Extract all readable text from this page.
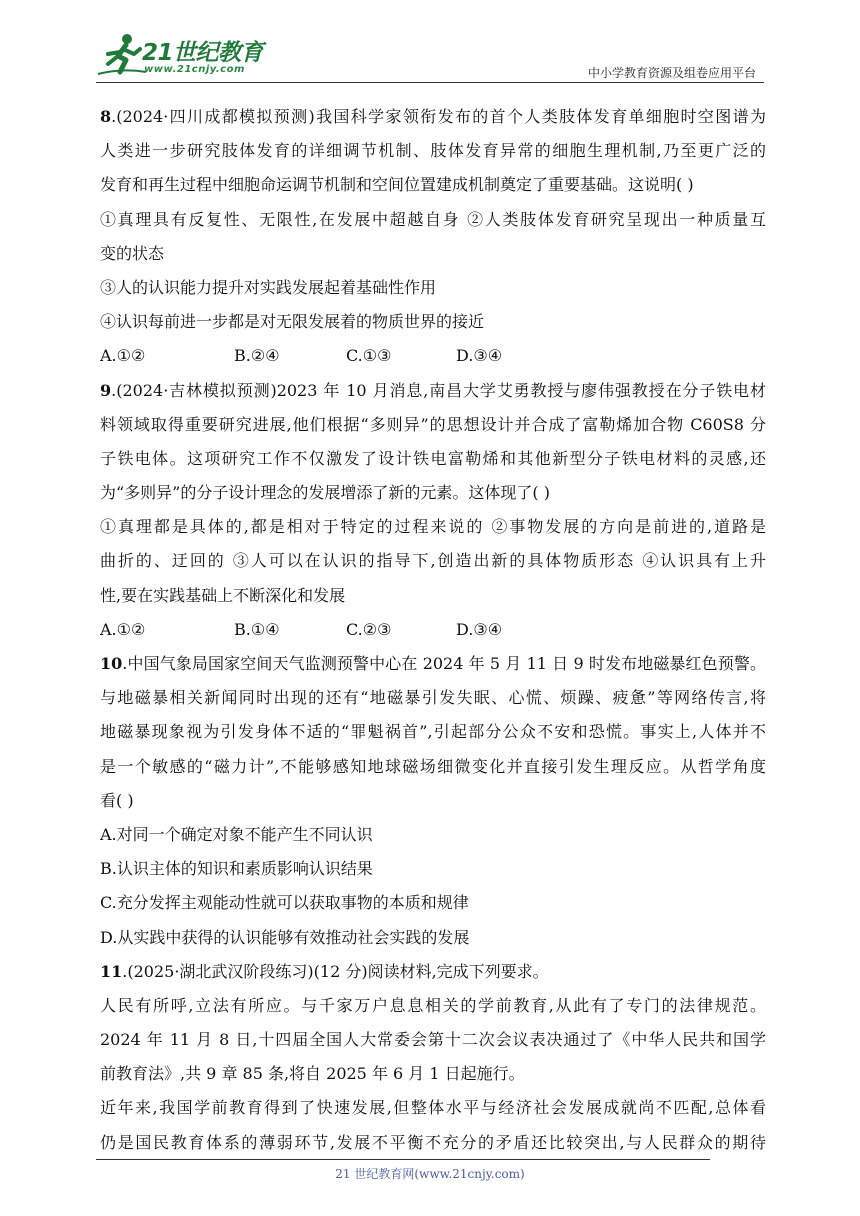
21世纪教育
www.21cnjy.com	中小学教育资源及组卷应用平台
8.(2024·四川成都模拟预测)我国科学家领衔发布的首个人类肢体发育单细胞时空图谱为
人类进一步研究肢体发育的详细调节机制、肢体发育异常的细胞生理机制,乃至更广泛的
发育和再生过程中细胞命运调节机制和空间位置建成机制奠定了重要基础。这说明( )
①真理具有反复性、无限性,在发展中超越自身 ②人类肢体发育研究呈现出一种质量互
变的状态
③人的认识能力提升对实践发展起着基础性作用
④认识每前进一步都是对无限发展着的物质世界的接近
A.①②	B.②④	C.①③	D.③④
9.(2024·吉林模拟预测)2023 年 10 月消息,南昌大学艾勇教授与廖伟强教授在分子铁电材
料领域取得重要研究进展,他们根据“多则异”的思想设计并合成了富勒烯加合物 C60S8 分
子铁电体。这项研究工作不仅激发了设计铁电富勒烯和其他新型分子铁电材料的灵感,还
为“多则异”的分子设计理念的发展增添了新的元素。这体现了( )
①真理都是具体的,都是相对于特定的过程来说的 ②事物发展的方向是前进的,道路是
曲折的、迂回的 ③人可以在认识的指导下,创造出新的具体物质形态 ④认识具有上升
性,要在实践基础上不断深化和发展
A.①②	B.①④	C.②③	D.③④
10.中国气象局国家空间天气监测预警中心在 2024 年 5 月 11 日 9 时发布地磁暴红色预警。
与地磁暴相关新闻同时出现的还有“地磁暴引发失眠、心慌、烦躁、疲惫”等网络传言,将
地磁暴现象视为引发身体不适的“罪魁祸首”,引起部分公众不安和恐慌。事实上,人体并不
是一个敏感的“磁力计”,不能够感知地球磁场细微变化并直接引发生理反应。从哲学角度
看( )
A.对同一个确定对象不能产生不同认识
B.认识主体的知识和素质影响认识结果
C.充分发挥主观能动性就可以获取事物的本质和规律
D.从实践中获得的认识能够有效推动社会实践的发展
11.(2025·湖北武汉阶段练习)(12 分)阅读材料,完成下列要求。
人民有所呼,立法有所应。与千家万户息息相关的学前教育,从此有了专门的法律规范。
2024 年 11 月 8 日,十四届全国人大常委会第十二次会议表决通过了《中华人民共和国学
前教育法》,共 9 章 85 条,将自 2025 年 6 月 1 日起施行。
近年来,我国学前教育得到了快速发展,但整体水平与经济社会发展成就尚不匹配,总体看
仍是国民教育体系的薄弱环节,发展不平衡不充分的矛盾还比较突出,与人民群众的期待
21 世纪教育网(www.21cnjy.com)
